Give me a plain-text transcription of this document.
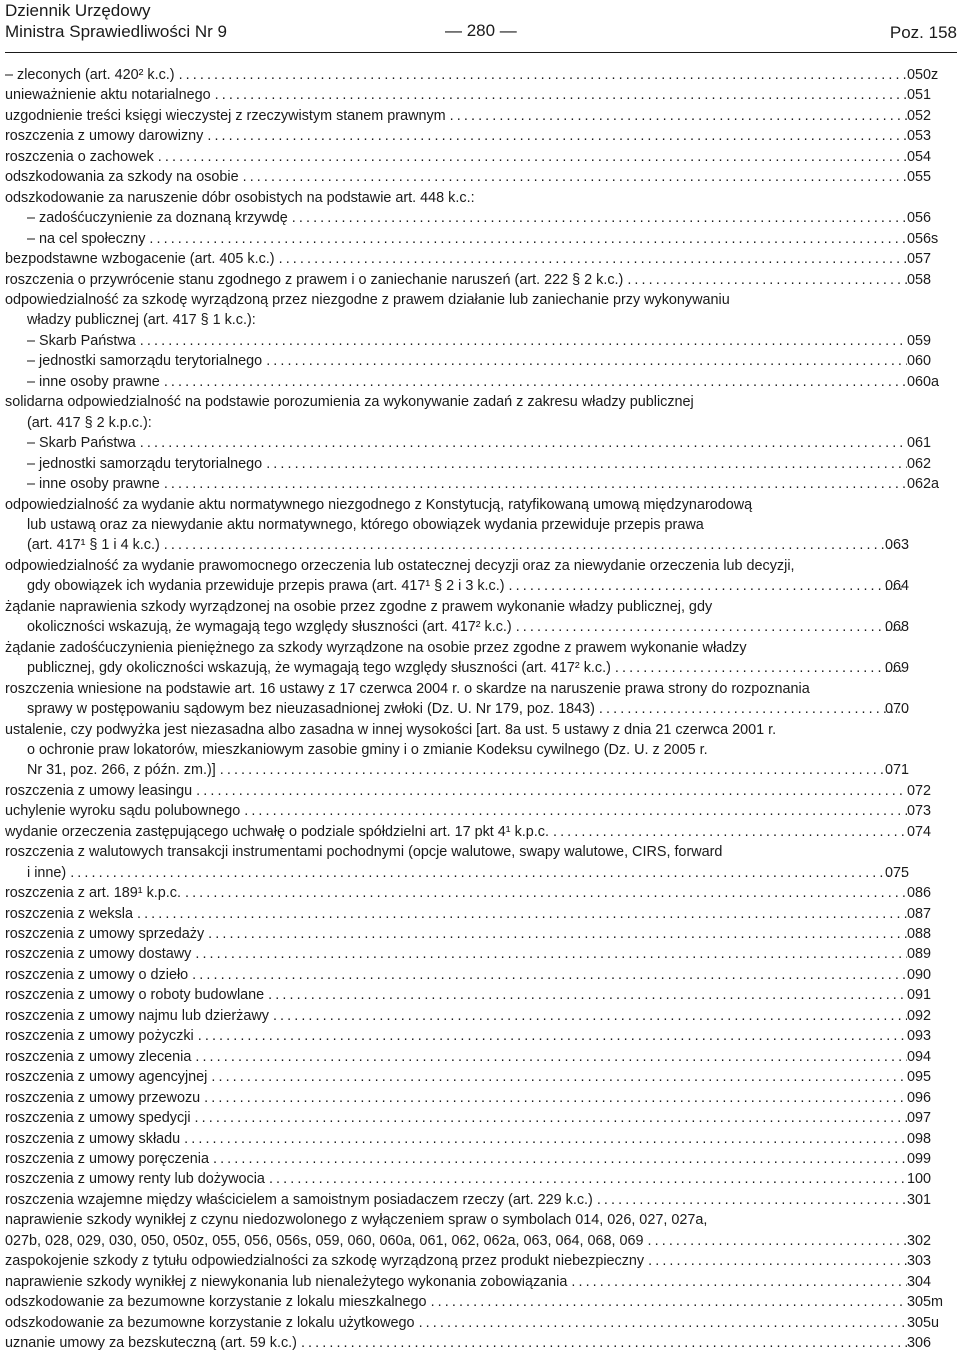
Dziennik Urzędowy
Ministra Sprawiedliwości Nr 9	— 280 —	Poz. 158
– zleconych (art. 420² k.c.) .....	050z
unieważnienie aktu notarialnego .....	051
uzgodnienie treści księgi wieczystej z rzeczywistym stanem prawnym .....	052
roszczenia z umowy darowizny .....	053
roszczenia o zachowek .....	054
odszkodowania za szkody na osobie .....	055
odszkodowanie za naruszenie dóbr osobistych na podstawie art. 448 k.c.:
– zadośćuczynienie za doznaną krzywdę .....	056
– na cel społeczny .....	056s
bezpodstawne wzbogacenie (art. 405 k.c.) .....	057
roszczenia o przywrócenie stanu zgodnego z prawem i o zaniechanie naruszeń (art. 222 § 2 k.c.) .....	058
odpowiedzialność za szkodę wyrządzoną przez niezgodne z prawem działanie lub zaniechanie przy wykonywaniu
władzy publicznej (art. 417 § 1 k.c.):
– Skarb Państwa .....	059
– jednostki samorządu terytorialnego .....	060
– inne osoby prawne .....	060a
solidarna odpowiedzialność na podstawie porozumienia za wykonywanie zadań z zakresu władzy publicznej
(art. 417 § 2 k.p.c.):
– Skarb Państwa .....	061
– jednostki samorządu terytorialnego .....	062
– inne osoby prawne .....	062a
odpowiedzialność za wydanie aktu normatywnego niezgodnego z Konstytucją, ratyfikowaną umową międzynarodową
lub ustawą oraz za niewydanie aktu normatywnego, którego obowiązek wydania przewiduje przepis prawa
(art. 417¹ § 1 i 4 k.c.) .....	063
odpowiedzialność za wydanie prawomocnego orzeczenia lub ostatecznej decyzji oraz za niewydanie orzeczenia lub decyzji,
gdy obowiązek ich wydania przewiduje przepis prawa (art. 417¹ § 2 i 3 k.c.) .....	064
żądanie naprawienia szkody wyrządzonej na osobie przez zgodne z prawem wykonanie władzy publicznej, gdy
okoliczności wskazują, że wymagają tego względy słuszności (art. 417² k.c.) .....	068
żądanie zadośćuczynienia pieniężnego za szkody wyrządzone na osobie przez zgodne z prawem wykonanie władzy
publicznej, gdy okoliczności wskazują, że wymagają tego względy słuszności (art. 417² k.c.) .....	069
roszczenia wniesione na podstawie art. 16 ustawy z 17 czerwca 2004 r. o skardze na naruszenie prawa strony do rozpoznania
sprawy w postępowaniu sądowym bez nieuzasadnionej zwłoki (Dz. U. Nr 179, poz. 1843) .....	070
ustalenie, czy podwyżka jest niezasadna albo zasadna w innej wysokości [art. 8a ust. 5 ustawy z dnia 21 czerwca 2001 r.
o ochronie praw lokatorów, mieszkaniowym zasobie gminy i o zmianie Kodeksu cywilnego (Dz. U. z 2005 r.
Nr 31, poz. 266, z późn. zm.)] .....	071
roszczenia z umowy leasingu .....	072
uchylenie wyroku sądu polubownego .....	073
wydanie orzeczenia zastępującego uchwałę o podziale spółdzielni art. 17 pkt 4¹ k.p.c. .....	074
roszczenia z walutowych transakcji instrumentami pochodnymi (opcje walutowe, swapy walutowe, CIRS, forward
i inne) .....	075
roszczenia z art. 189¹ k.p.c. .....	086
roszczenia z weksla .....	087
roszczenia z umowy sprzedaży .....	088
roszczenia z umowy dostawy .....	089
roszczenia z umowy o dzieło .....	090
roszczenia z umowy o roboty budowlane .....	091
roszczenia z umowy najmu lub dzierżawy .....	092
roszczenia z umowy pożyczki .....	093
roszczenia z umowy zlecenia .....	094
roszczenia z umowy agencyjnej .....	095
roszczenia z umowy przewozu .....	096
roszczenia z umowy spedycji .....	097
roszczenia z umowy składu .....	098
roszczenia z umowy poręczenia .....	099
roszczenia z umowy renty lub dożywocia .....	100
roszczenia wzajemne między właścicielem a samoistnym posiadaczem rzeczy (art. 229 k.c.) .....	301
naprawienie szkody wynikłej z czynu niedozwolonego z wyłączeniem spraw o symbolach 014, 026, 027, 027a,
027b, 028, 029, 030, 050, 050z, 055, 056, 056s, 059, 060, 060a, 061, 062, 062a, 063, 064, 068, 069 .....	302
zaspokojenie szkody z tytułu odpowiedzialności za szkodę wyrządzoną przez produkt niebezpieczny .....	303
naprawienie szkody wynikłej z niewykonania lub nienależytego wykonania zobowiązania .....	304
odszkodowanie za bezumowne korzystanie z lokalu mieszkalnego .....	305m
odszkodowanie za bezumowne korzystanie z lokalu użytkowego .....	305u
uznanie umowy za bezskuteczną (art. 59 k.c.) .....	306
